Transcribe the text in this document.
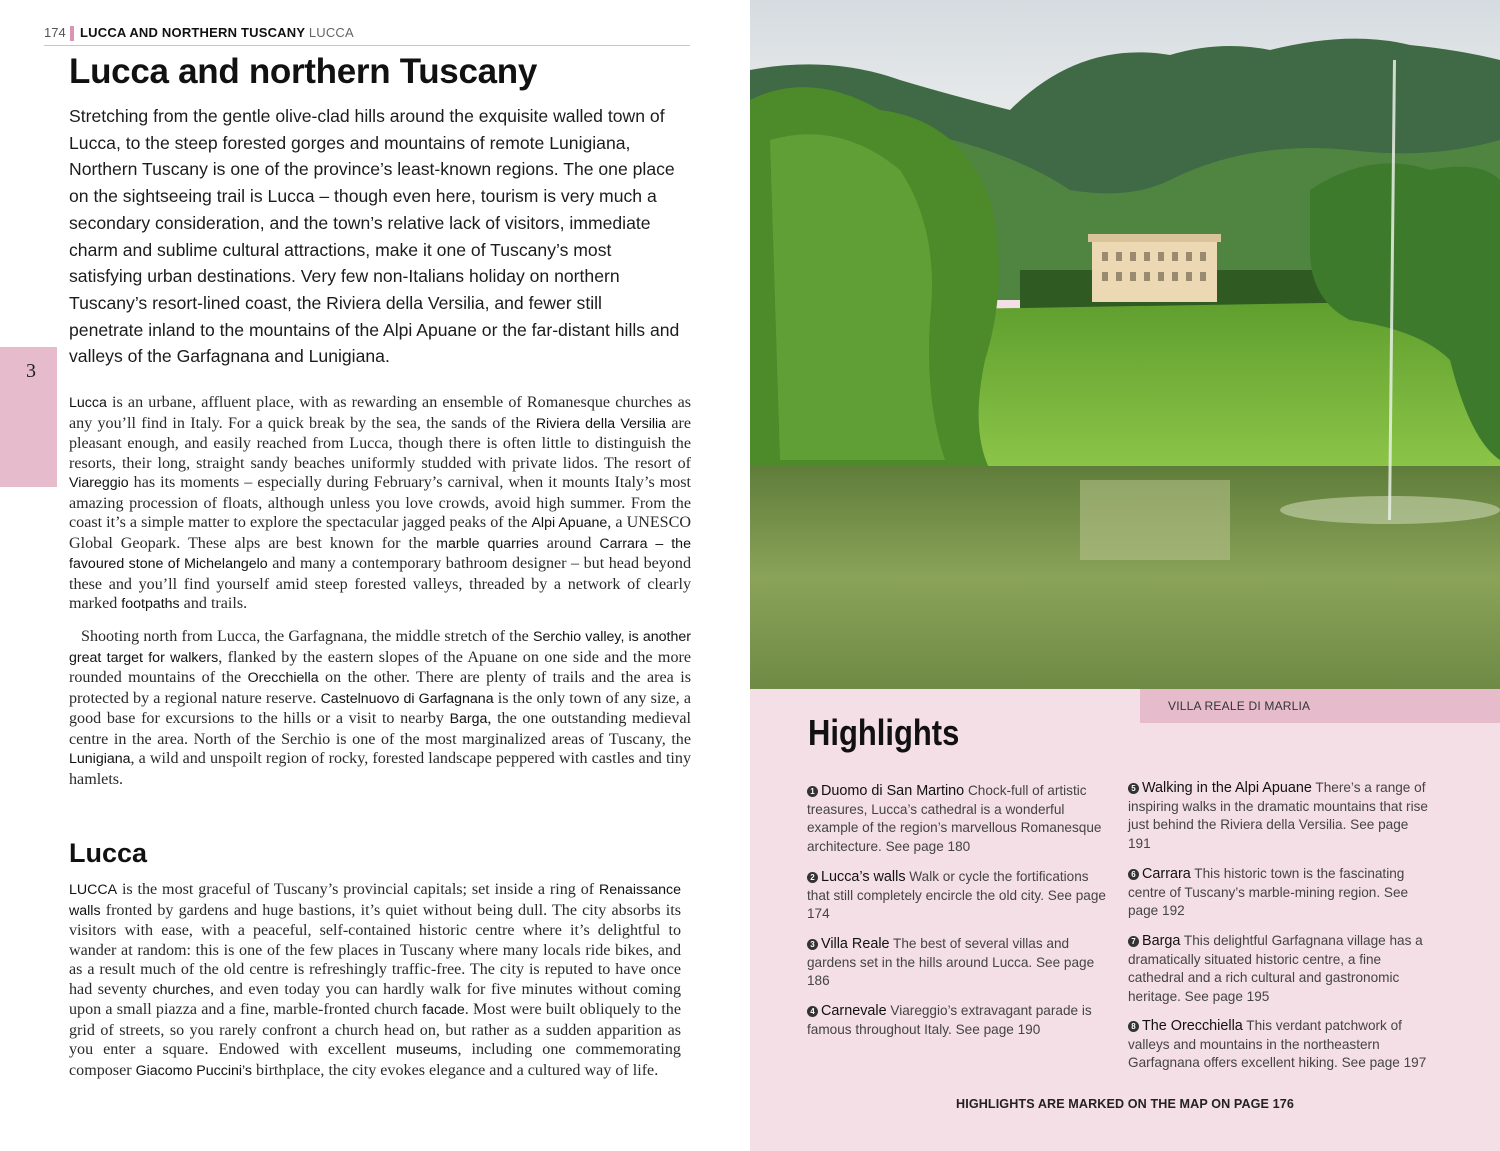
174 LUCCA AND NORTHERN TUSCANY LUCCA
3
Lucca and northern Tuscany

Stretching from the gentle olive-clad hills around the exquisite walled town of Lucca, to the steep forested gorges and mountains of remote Lunigiana, Northern Tuscany is one of the province’s least-known regions. The one place on the sightseeing trail is Lucca – though even here, tourism is very much a secondary consideration, and the town’s relative lack of visitors, immediate charm and sublime cultural attractions, make it one of Tuscany’s most satisfying urban destinations. Very few non-Italians holiday on northern Tuscany’s resort-lined coast, the Riviera della Versilia, and fewer still penetrate inland to the mountains of the Alpi Apuane or the far-distant hills and valleys of the Garfagnana and Lunigiana.

Lucca is an urbane, affluent place, with as rewarding an ensemble of Romanesque churches as any you’ll find in Italy. For a quick break by the sea, the sands of the Riviera della Versilia are pleasant enough, and easily reached from Lucca, though there is often little to distinguish the resorts, their long, straight sandy beaches uniformly studded with private lidos. The resort of Viareggio has its moments – especially during February’s carnival, when it mounts Italy’s most amazing procession of floats, although unless you love crowds, avoid high summer. From the coast it’s a simple matter to explore the spectacular jagged peaks of the Alpi Apuane, a UNESCO Global Geopark. These alps are best known for the marble quarries around Carrara – the favoured stone of Michelangelo and many a contemporary bathroom designer – but head beyond these and you’ll find yourself amid steep forested valleys, threaded by a network of clearly marked footpaths and trails.

Shooting north from Lucca, the Garfagnana, the middle stretch of the Serchio valley, is another great target for walkers, flanked by the eastern slopes of the Apuane on one side and the more rounded mountains of the Orecchiella on the other. There are plenty of trails and the area is protected by a regional nature reserve. Castelnuovo di Garfagnana is the only town of any size, a good base for excursions to the hills or a visit to nearby Barga, the one outstanding medieval centre in the area. North of the Serchio is one of the most marginalized areas of Tuscany, the Lunigiana, a wild and unspoilt region of rocky, forested landscape peppered with castles and tiny hamlets.

Lucca

LUCCA is the most graceful of Tuscany’s provincial capitals; set inside a ring of Renaissance walls fronted by gardens and huge bastions, it’s quiet without being dull. The city absorbs its visitors with ease, with a peaceful, self-contained historic centre where it’s delightful to wander at random: this is one of the few places in Tuscany where many locals ride bikes, and as a result much of the old centre is refreshingly traffic-free. The city is reputed to have once had seventy churches, and even today you can hardly walk for five minutes without coming upon a small piazza and a fine, marble-fronted church facade. Most were built obliquely to the grid of streets, so you rarely confront a church head on, but rather as a sudden apparition as you enter a square. Endowed with excellent museums, including one commemorating composer Giacomo Puccini’s birthplace, the city evokes elegance and a cultured way of life.

VILLA REALE DI MARLIA
Highlights
1 Duomo di San Martino Chock-full of artistic treasures, Lucca’s cathedral is a wonderful example of the region’s marvellous Romanesque architecture. See page 180
2 Lucca’s walls Walk or cycle the fortifications that still completely encircle the old city. See page 174
3 Villa Reale The best of several villas and gardens set in the hills around Lucca. See page 186
4 Carnevale Viareggio’s extravagant parade is famous throughout Italy. See page 190
5 Walking in the Alpi Apuane There’s a range of inspiring walks in the dramatic mountains that rise just behind the Riviera della Versilia. See page 191
6 Carrara This historic town is the fascinating centre of Tuscany’s marble-mining region. See page 192
7 Barga This delightful Garfagnana village has a dramatically situated historic centre, a fine cathedral and a rich cultural and gastronomic heritage. See page 195
8 The Orecchiella This verdant patchwork of valleys and mountains in the northeastern Garfagnana offers excellent hiking. See page 197
HIGHLIGHTS ARE MARKED ON THE MAP ON PAGE 176
